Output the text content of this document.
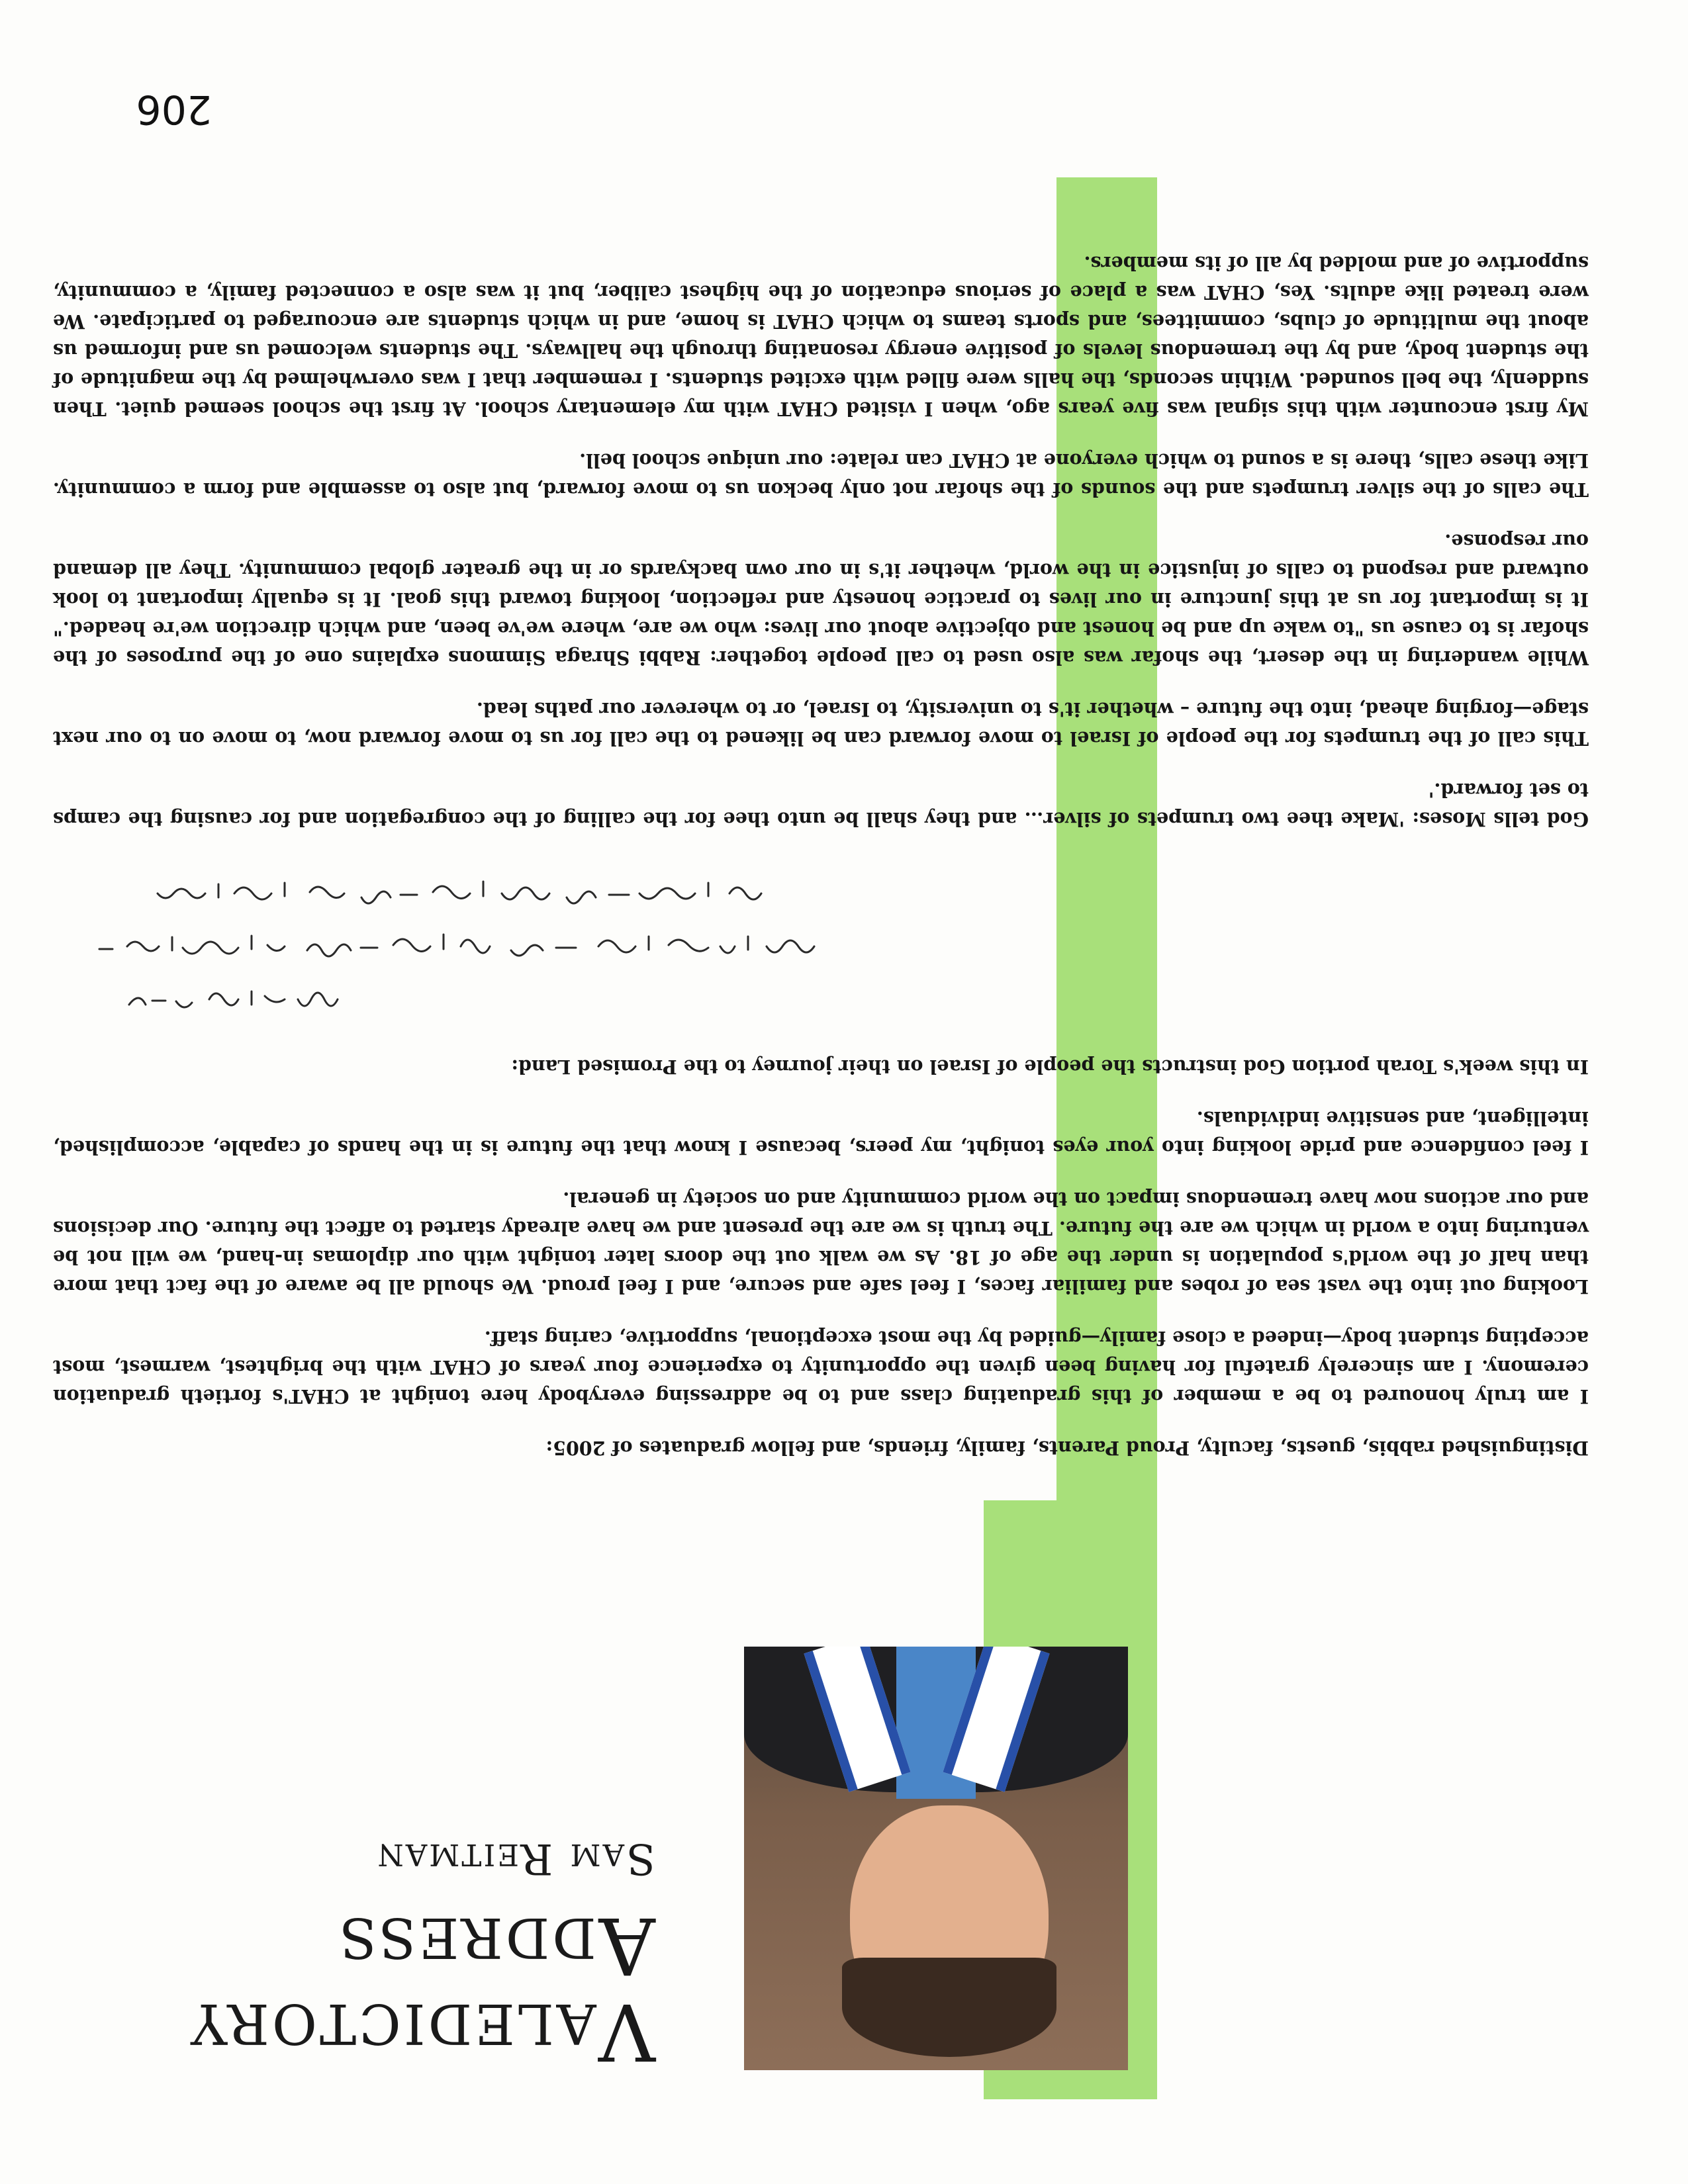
Valedictory
Address
Sam Reitman

Distinguished rabbis, guests, faculty, Proud Parents, family, friends, and fellow graduates of 2005:

I am truly honoured to be a member of this graduating class and to be addressing everybody here tonight at CHAT's fortieth graduation ceremony. I am sincerely grateful for having been given the opportunity to experience four years of CHAT with the brightest, warmest, most accepting student body—indeed a close family—guided by the most exceptional, supportive, caring staff.

Looking out into the vast sea of robes and familiar faces, I feel safe and secure, and I feel proud. We should all be aware of the fact that more than half of the world's population is under the age of 18. As we walk out the doors later tonight with our diplomas in-hand, we will not be venturing into a world in which we are the future. The truth is we are the present and we have already started to affect the future. Our decisions and our actions now have tremendous impact on the world community and on society in general.

I feel confidence and pride looking into your eyes tonight, my peers, because I know that the future is in the hands of capable, accomplished, intelligent, and sensitive individuals.

In this week's Torah portion God instructs the people of Israel on their journey to the Promised Land:

God tells Moses: 'Make thee two trumpets of silver… and they shall be unto thee for the calling of the congregation and for causing the camps to set forward.'

This call of the trumpets for the people of Israel to move forward can be likened to the call for us to move forward now, to move on to our next stage—forging ahead, into the future – whether it's to university, to Israel, or to wherever our paths lead.

While wandering in the desert, the shofar was also used to call people together: Rabbi Shraga Simmons explains one of the purposes of the shofar is to cause us "to wake up and be honest and objective about our lives: who we are, where we've been, and which direction we're headed." It is important for us at this juncture in our lives to practice honesty and reflection, looking toward this goal. It is equally important to look outward and respond to calls of injustice in the world, whether it's in our own backyards or in the greater global community. They all demand our response.

The calls of the silver trumpets and the sounds of the shofar not only beckon us to move forward, but also to assemble and form a community. Like these calls, there is a sound to which everyone at CHAT can relate: our unique school bell.

My first encounter with this signal was five years ago, when I visited CHAT with my elementary school. At first the school seemed quiet. Then suddenly, the bell sounded. Within seconds, the halls were filled with excited students. I remember that I was overwhelmed by the magnitude of the student body, and by the tremendous levels of positive energy resonating through the hallways. The students welcomed us and informed us about the multitude of clubs, committees, and sports teams to which CHAT is home, and in which students are encouraged to participate. We were treated like adults. Yes, CHAT was a place of serious education of the highest caliber, but it was also a connected family, a community, supportive of and molded by all of its members.

206
